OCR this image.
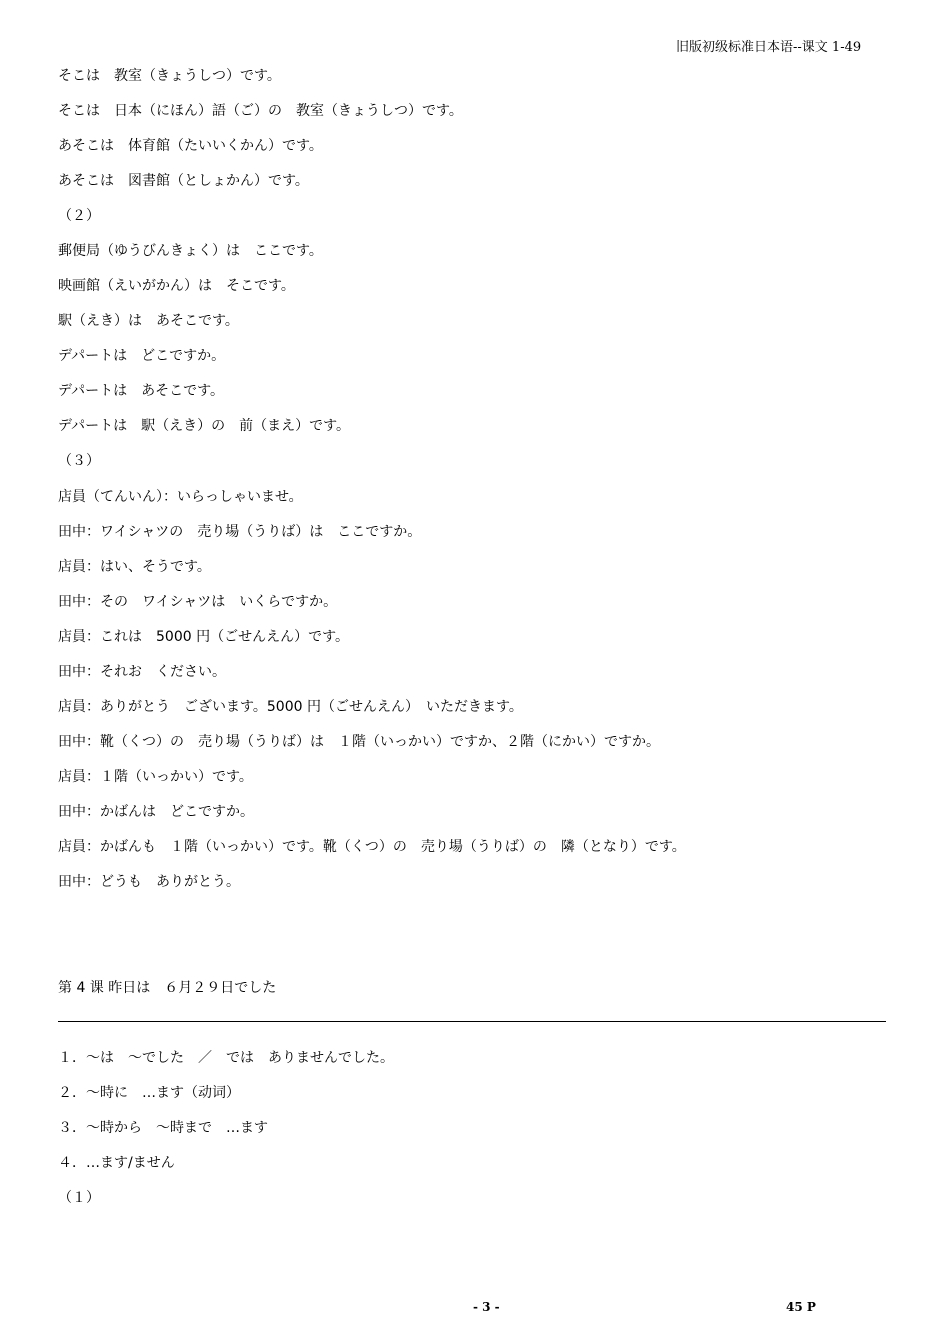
旧版初级标准日本语--课文 1-49
そこは　教室（きょうしつ）です。
そこは　日本（にほん）語（ご）の　教室（きょうしつ）です。
あそこは　体育館（たいいくかん）です。
あそこは　図書館（としょかん）です。
（２）
郵便局（ゆうびんきょく）は　ここです。
映画館（えいがかん）は　そこです。
駅（えき）は　あそこです。
デパートは　どこですか。
デパートは　あそこです。
デパートは　駅（えき）の　前（まえ）です。
（３）
店員（てんいん）：いらっしゃいませ。
田中：ワイシャツの　売り場（うりば）は　ここですか。
店員：はい、そうです。
田中：その　ワイシャツは　いくらですか。
店員：これは　5000 円（ごせんえん）です。
田中：それお　ください。
店員：ありがとう　ございます。5000 円（ごせんえん）　いただきます。
田中：靴（くつ）の　売り場（うりば）は　１階（いっかい）ですか、２階（にかい）ですか。
店員：１階（いっかい）です。
田中：かばんは　どこですか。
店員：かばんも　１階（いっかい）です。靴（くつ）の　売り場（うりば）の　隣（となり）です。
田中：どうも　ありがとう。
第 4 课 昨日は　６月２９日でした
１．～は　～でした　／　では　ありませんでした。
２．～時に　…ます（动词）
３．～時から　～時まで　…ます
４．…ます/ません
（１）
- 3 -	45 P
